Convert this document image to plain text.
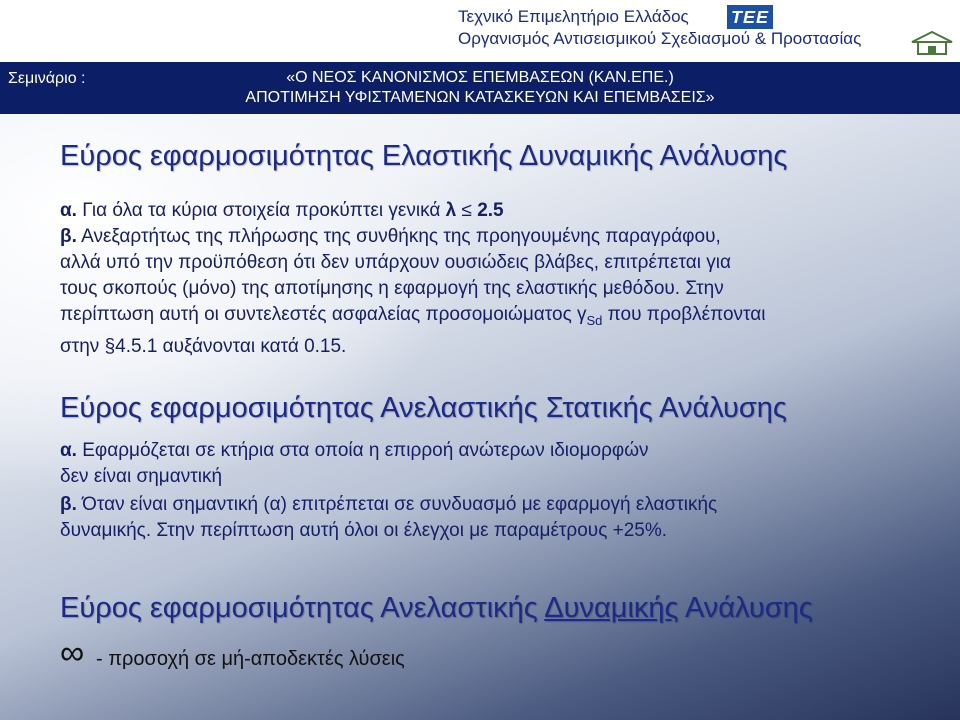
Τεχνικό Επιμελητήριο Ελλάδος
Οργανισμός Αντισεισμικού Σχεδιασμού & Προστασίας
ΤΕΕ
Σεμινάριο :	«Ο ΝΕΟΣ ΚΑΝΟΝΙΣΜΟΣ ΕΠΕΜΒΑΣΕΩΝ (ΚΑΝ.ΕΠΕ.)
ΑΠΟΤΙΜΗΣΗ ΥΦΙΣΤΑΜΕΝΩΝ ΚΑΤΑΣΚΕΥΩΝ ΚΑΙ ΕΠΕΜΒΑΣΕΙΣ»
Εύρος εφαρμοσιμότητας Ελαστικής Δυναμικής Ανάλυσης
α. Για όλα τα κύρια στοιχεία προκύπτει γενικά λ ≤ 2.5
β. Ανεξαρτήτως της πλήρωσης της συνθήκης της προηγουμένης παραγράφου,
αλλά υπό την προϋπόθεση ότι δεν υπάρχουν ουσιώδεις βλάβες, επιτρέπεται για
τους σκοπούς (μόνο) της αποτίμησης η εφαρμογή της ελαστικής μεθόδου. Στην
περίπτωση αυτή οι συντελεστές ασφαλείας προσομοιώματος $\gamma_{Sd}$ που προβλέπονται
στην §4.5.1 αυξάνονται κατά 0.15.
Εύρος εφαρμοσιμότητας Ανελαστικής Στατικής Ανάλυσης
α. Εφαρμόζεται σε κτήρια στα οποία η επιρροή ανώτερων ιδιομορφών
δεν είναι σημαντική
β. Όταν είναι σημαντική (α) επιτρέπεται σε συνδυασμό με εφαρμογή ελαστικής
δυναμικής. Στην περίπτωση αυτή όλοι οι έλεγχοι με παραμέτρους +25%.
Εύρος εφαρμοσιμότητας Ανελαστικής Δυναμικής Ανάλυσης
∞ - προσοχή σε μή-αποδεκτές λύσεις
